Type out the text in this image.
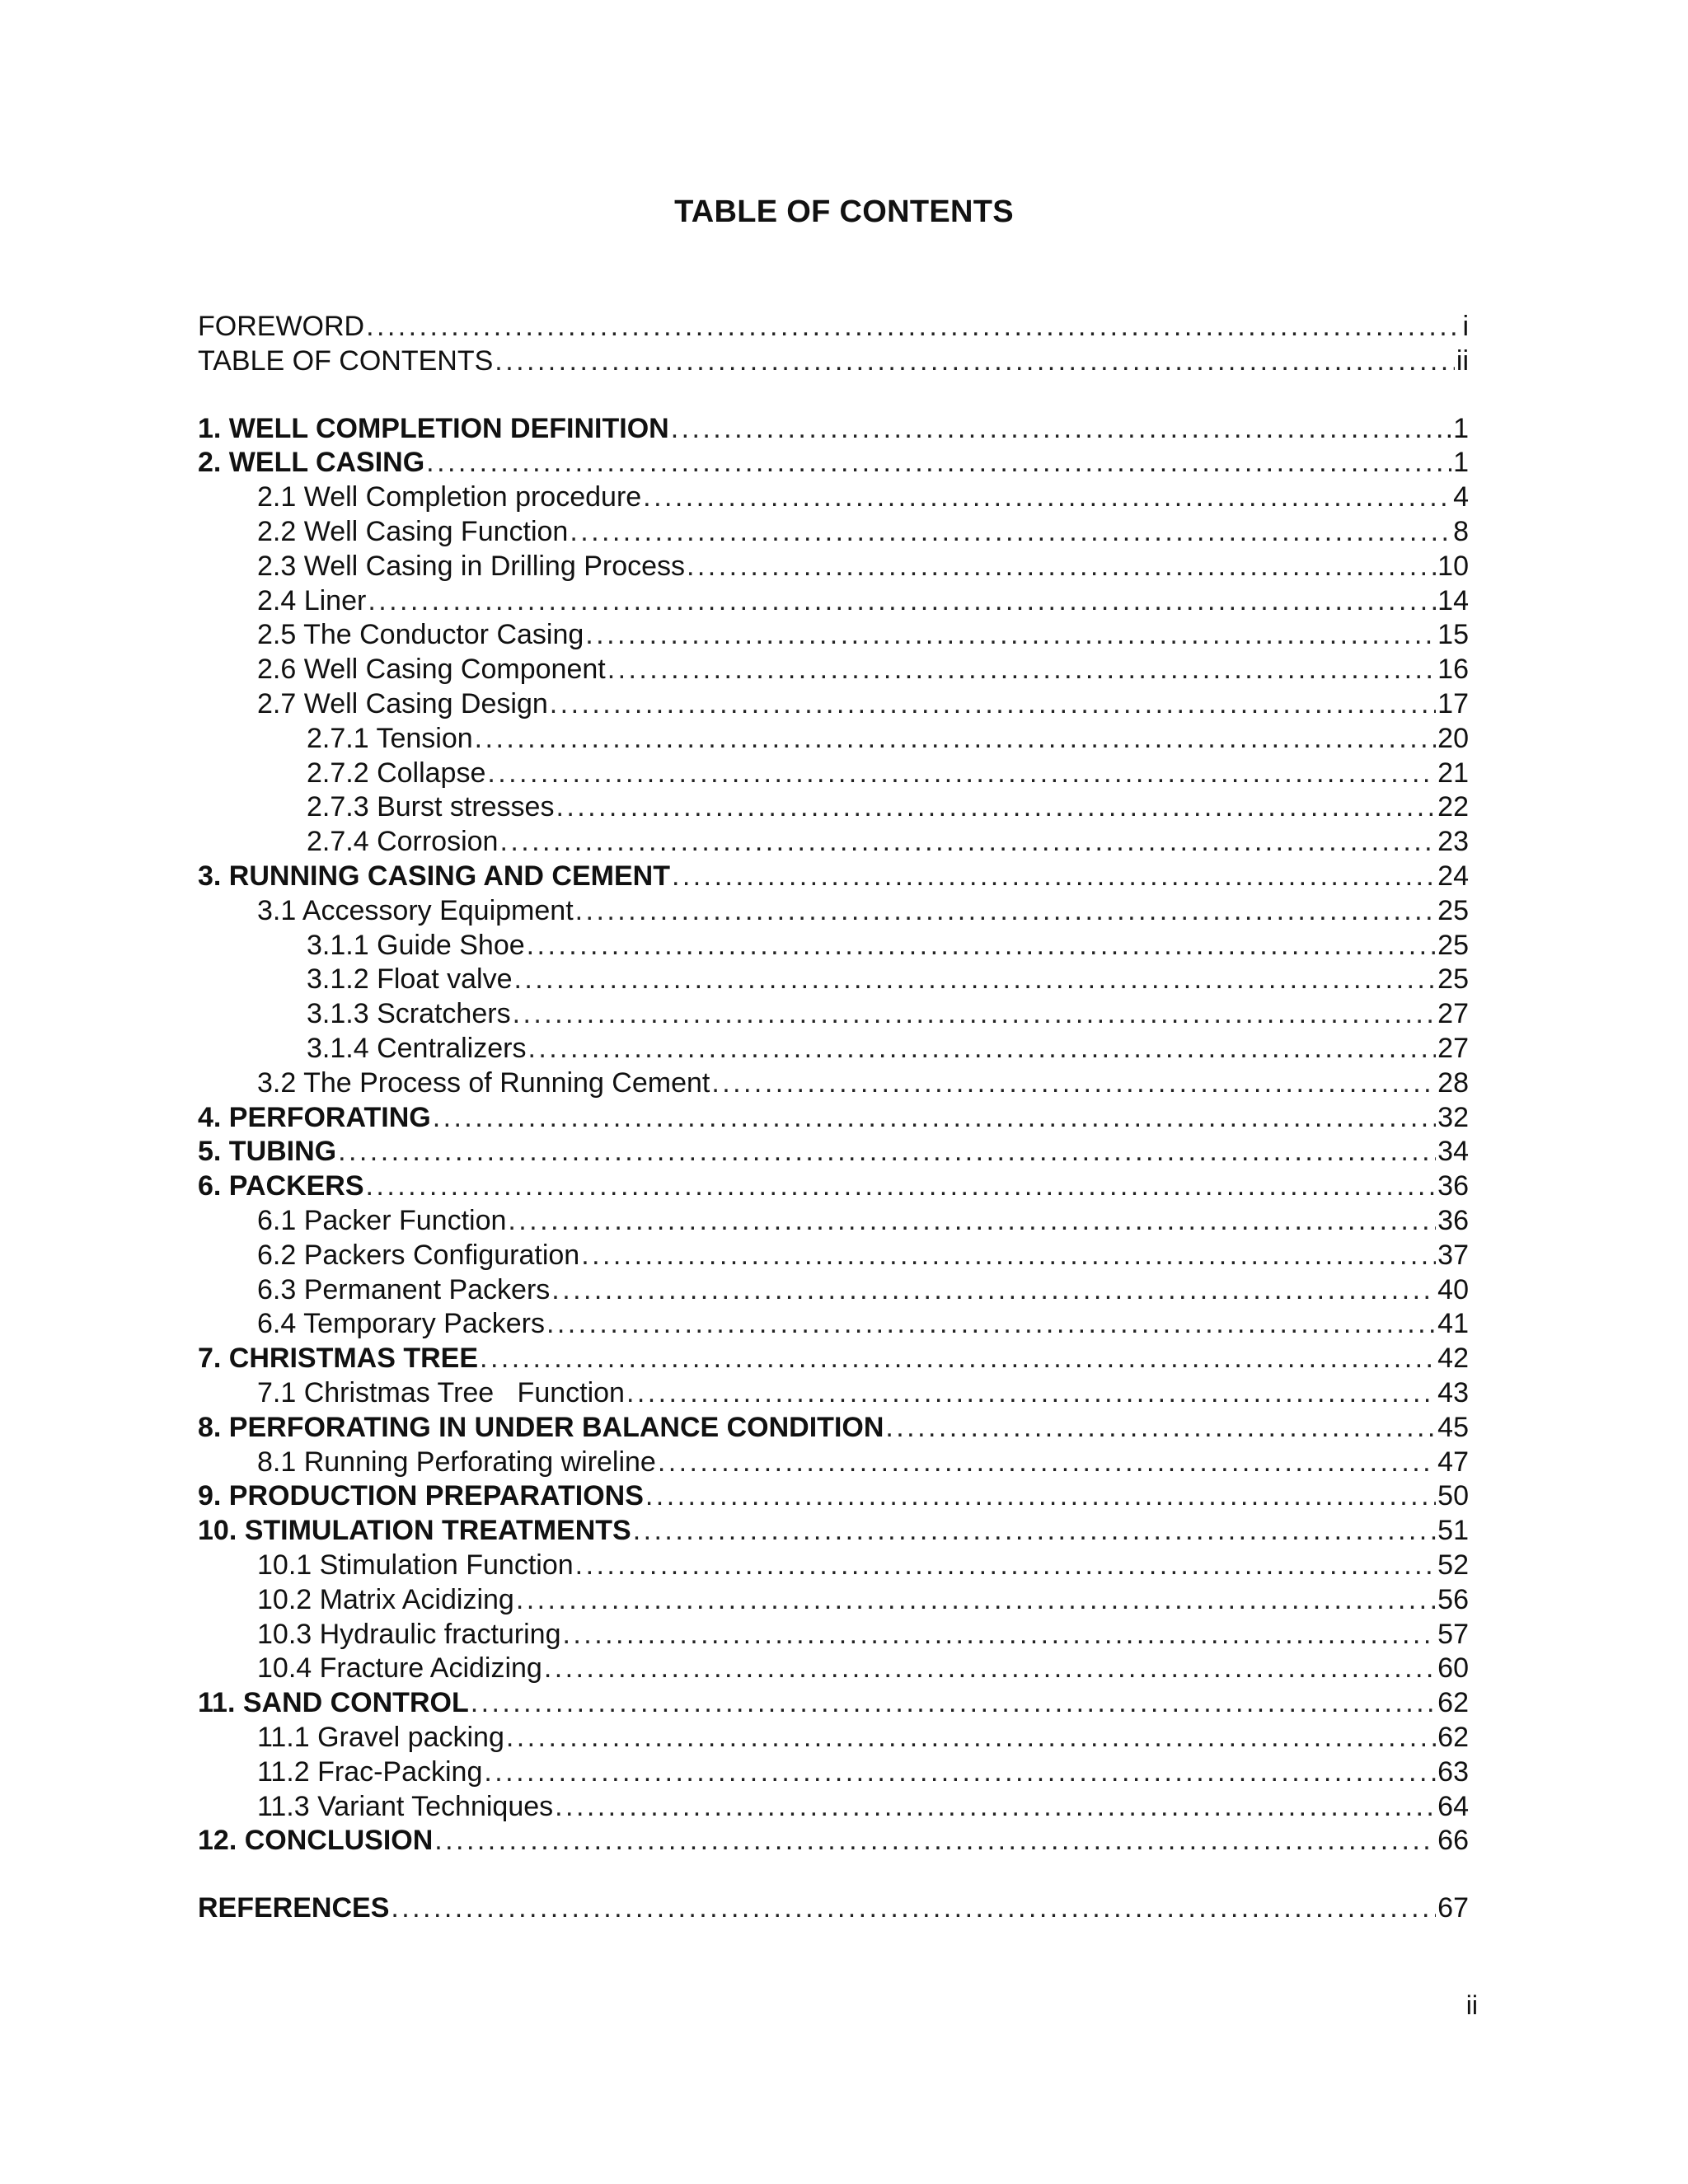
TABLE OF CONTENTS
FOREWORD . . .	i
TABLE OF CONTENTS . . .	ii
1. WELL COMPLETION DEFINITION . . .	.1
2. WELL CASING . . .	1
2.1 Well Completion procedure . . .	4
2.2 Well Casing Function . . .	8
2.3 Well Casing in Drilling Process . . .	10
2.4 Liner . . .	14
2.5 The Conductor Casing . . .	15
2.6 Well Casing Component . . .	16
2.7 Well Casing Design . . .	17
2.7.1 Tension . . .	20
2.7.2 Collapse . . .	21
2.7.3 Burst stresses . . .	22
2.7.4 Corrosion . . .	23
3. RUNNING CASING AND CEMENT . . .	24
3.1 Accessory Equipment . . .	25
3.1.1 Guide Shoe . . .	25
3.1.2 Float valve . . .	25
3.1.3 Scratchers . . .	27
3.1.4 Centralizers . . .	27
3.2 The Process of Running Cement . . .	28
4. PERFORATING . . .	32
5. TUBING . . .	34
6. PACKERS . . .	36
6.1 Packer Function . . .	36
6.2 Packers Configuration . . .	37
6.3 Permanent Packers . . .	40
6.4 Temporary Packers . . .	41
7. CHRISTMAS TREE . . .	42
7.1 Christmas Tree   Function . . .	43
8. PERFORATING IN UNDER BALANCE CONDITION . . .	45
8.1 Running Perforating wireline . . .	47
9. PRODUCTION PREPARATIONS . . .	50
10. STIMULATION TREATMENTS . . .	51
10.1 Stimulation Function . . .	52
10.2 Matrix Acidizing . . .	56
10.3 Hydraulic fracturing . . .	57
10.4 Fracture Acidizing . . .	60
11. SAND CONTROL . . .	62
11.1 Gravel packing . . .	62
11.2 Frac-Packing . . .	63
11.3 Variant Techniques . . .	64
12. CONCLUSION . . .	66
REFERENCES . . .	67
ii
